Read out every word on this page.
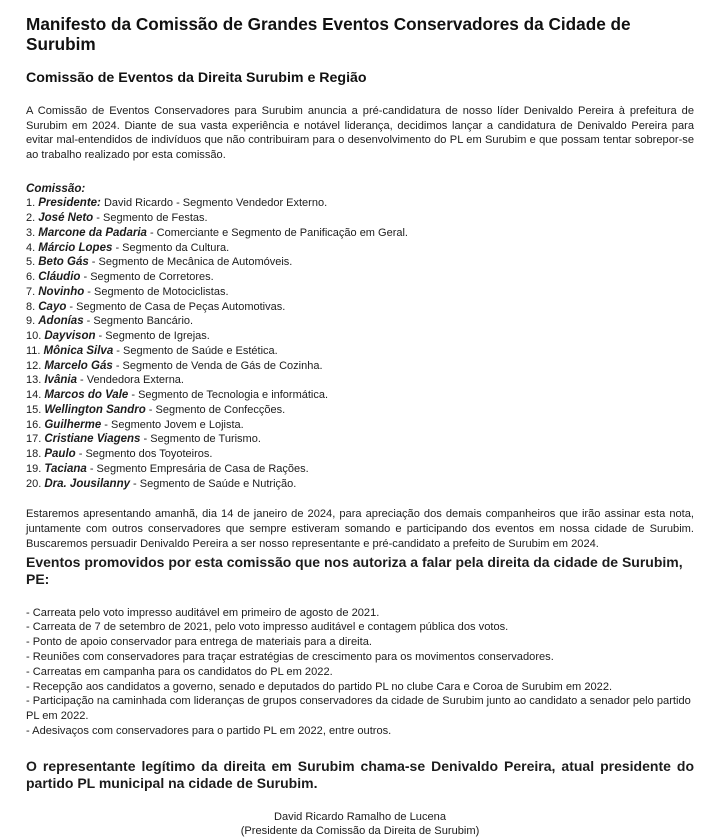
Manifesto da Comissão de Grandes Eventos Conservadores da Cidade de Surubim
Comissão de Eventos da Direita Surubim e Região

A Comissão de Eventos Conservadores para Surubim anuncia a pré-candidatura de nosso líder Denivaldo Pereira à prefeitura de Surubim em 2024. Diante de sua vasta experiência e notável liderança, decidimos lançar a candidatura de Denivaldo Pereira para evitar mal-entendidos de indivíduos que não contribuiram para o desenvolvimento do PL em Surubim e que possam tentar sobrepor-se ao trabalho realizado por esta comissão.

Comissão:
1. Presidente: David Ricardo - Segmento Vendedor Externo.
2. José Neto - Segmento de Festas.
3. Marcone da Padaria - Comerciante e Segmento de Panificação em Geral.
4. Márcio Lopes - Segmento da Cultura.
5. Beto Gás - Segmento de Mecânica de Automóveis.
6. Cláudio - Segmento de Corretores.
7. Novinho - Segmento de Motociclistas.
8. Cayo - Segmento de Casa de Peças Automotivas.
9. Adonías - Segmento Bancário.
10. Dayvison - Segmento de Igrejas.
11. Mônica Silva - Segmento de Saúde e Estética.
12. Marcelo Gás - Segmento de Venda de Gás de Cozinha.
13. Ivânia - Vendedora Externa.
14. Marcos do Vale - Segmento de Tecnologia e informática.
15. Wellington Sandro - Segmento de Confecções.
16. Guilherme - Segmento Jovem e Lojista.
17. Cristiane Viagens - Segmento de Turismo.
18. Paulo - Segmento dos Toyoteiros.
19. Taciana - Segmento Empresária de Casa de Rações.
20. Dra. Jousilanny - Segmento de Saúde e Nutrição.

Estaremos apresentando amanhã, dia 14 de janeiro de 2024, para apreciação dos demais companheiros que irão assinar esta nota, juntamente com outros conservadores que sempre estiveram somando e participando dos eventos em nossa cidade de Surubim. Buscaremos persuadir Denivaldo Pereira a ser nosso representante e pré-candidato a prefeito de Surubim em 2024.

Eventos promovidos por esta comissão que nos autoriza a falar pela direita da cidade de Surubim, PE:
- Carreata pelo voto impresso auditável em primeiro de agosto de 2021.
- Carreata de 7 de setembro de 2021, pelo voto impresso auditável e contagem pública dos votos.
- Ponto de apoio conservador para entrega de materiais para a direita.
- Reuniões com conservadores para traçar estratégias de crescimento para os movimentos conservadores.
- Carreatas em campanha para os candidatos do PL em 2022.
- Recepção aos candidatos a governo, senado e deputados do partido PL no clube Cara e Coroa de Surubim em 2022.
- Participação na caminhada com lideranças de grupos conservadores da cidade de Surubim junto ao candidato a senador pelo partido PL em 2022.
- Adesivaços com conservadores para o partido PL em 2022, entre outros.

O representante legítimo da direita em Surubim chama-se Denivaldo Pereira, atual presidente do partido PL municipal na cidade de Surubim.

David Ricardo Ramalho de Lucena
(Presidente da Comissão da Direita de Surubim)
